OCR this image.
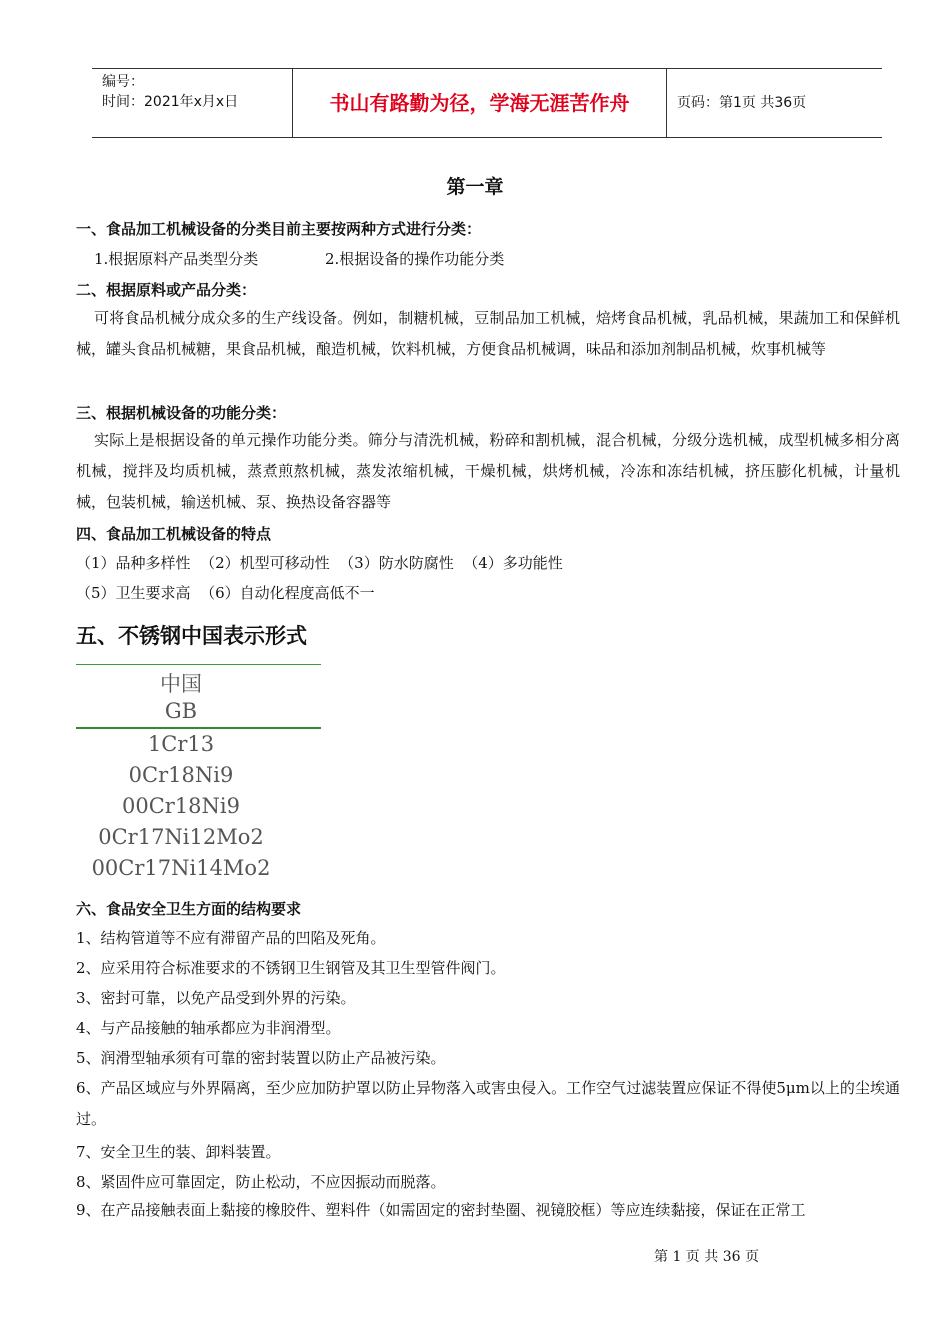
编号：
时间：2021年x月x日	书山有路勤为径，学海无涯苦作舟	页码：第1页 共36页
第一章
一、食品加工机械设备的分类目前主要按两种方式进行分类：
1.根据原料产品类型分类	2.根据设备的操作功能分类
二、根据原料或产品分类：
可将食品机械分成众多的生产线设备。例如，制糖机械，豆制品加工机械，焙烤食品机械，乳品机械，果蔬加工和保鲜机械，罐头食品机械糖，果食品机械，酿造机械，饮料机械，方便食品机械调，味品和添加剂制品机械，炊事机械等
三、根据机械设备的功能分类：
实际上是根据设备的单元操作功能分类。筛分与清洗机械，粉碎和割机械，混合机械，分级分选机械，成型机械多相分离机械，搅拌及均质机械，蒸煮煎熬机械，蒸发浓缩机械，干燥机械，烘烤机械，冷冻和冻结机械，挤压膨化机械，计量机械，包装机械，输送机械、泵、换热设备容器等
四、食品加工机械设备的特点
（1）品种多样性  （2）机型可移动性  （3）防水防腐性  （4）多功能性
（5）卫生要求高  （6）自动化程度高低不一
五、不锈钢中国表示形式
中国
GB
1Cr13
0Cr18Ni9
00Cr18Ni9
0Cr17Ni12Mo2
00Cr17Ni14Mo2
六、食品安全卫生方面的结构要求
1、结构管道等不应有滞留产品的凹陷及死角。
2、应采用符合标准要求的不锈钢卫生钢管及其卫生型管件阀门。
3、密封可靠，以免产品受到外界的污染。
4、与产品接触的轴承都应为非润滑型。
5、润滑型轴承须有可靠的密封装置以防止产品被污染。
6、产品区域应与外界隔离，至少应加防护罩以防止异物落入或害虫侵入。工作空气过滤装置应保证不得使5μm以上的尘埃通过。
7、安全卫生的装、卸料装置。
8、紧固件应可靠固定，防止松动，不应因振动而脱落。
9、在产品接触表面上黏接的橡胶件、塑料件（如需固定的密封垫圈、视镜胶框）等应连续黏接，保证在正常工
第 1 页 共 36 页
